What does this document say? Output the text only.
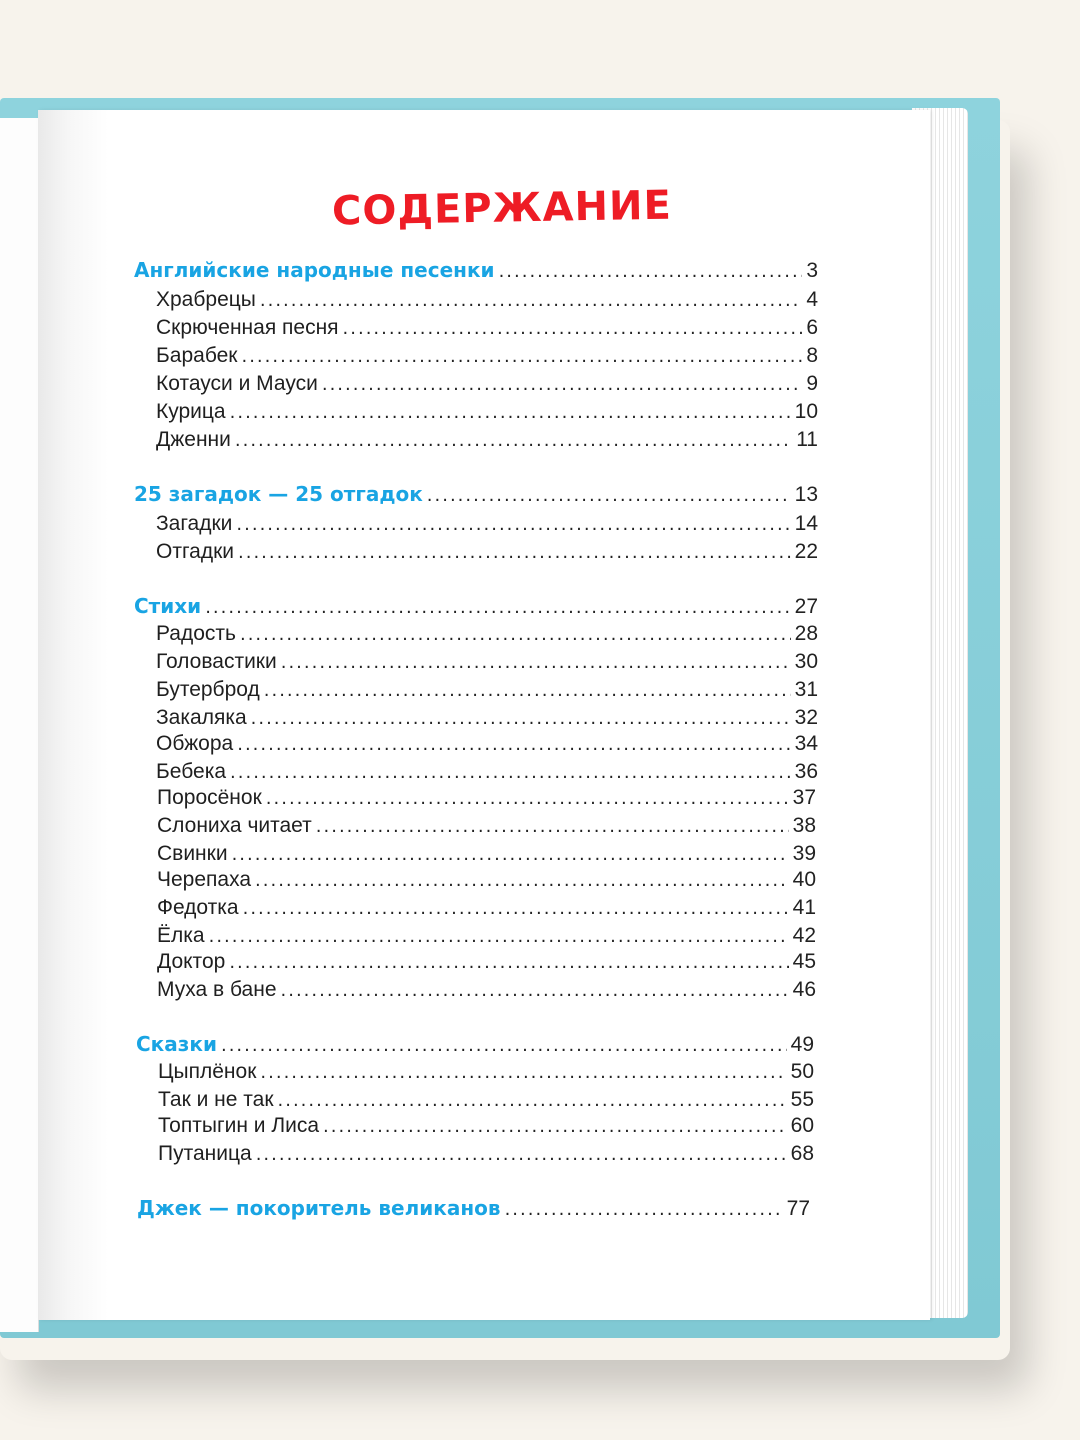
СОДЕРЖАНИЕ
Английские народные песенки .....	3
Храбрецы .....	4
Скрюченная песня .....	6
Барабек .....	8
Котауси и Мауси .....	9
Курица .....	10
Дженни .....	11
25 загадок — 25 отгадок .....	13
Загадки .....	14
Отгадки .....	22
Стихи .....	27
Радость .....	28
Головастики .....	30
Бутерброд .....	31
Закаляка .....	32
Обжора .....	34
Бебека .....	36
Поросёнок .....	37
Слониха читает .....	38
Свинки .....	39
Черепаха .....	40
Федотка .....	41
Ёлка .....	42
Доктор .....	45
Муха в бане .....	46
Сказки .....	49
Цыплёнок .....	50
Так и не так .....	55
Топтыгин и Лиса .....	60
Путаница .....	68
Джек — покоритель великанов .....	77
